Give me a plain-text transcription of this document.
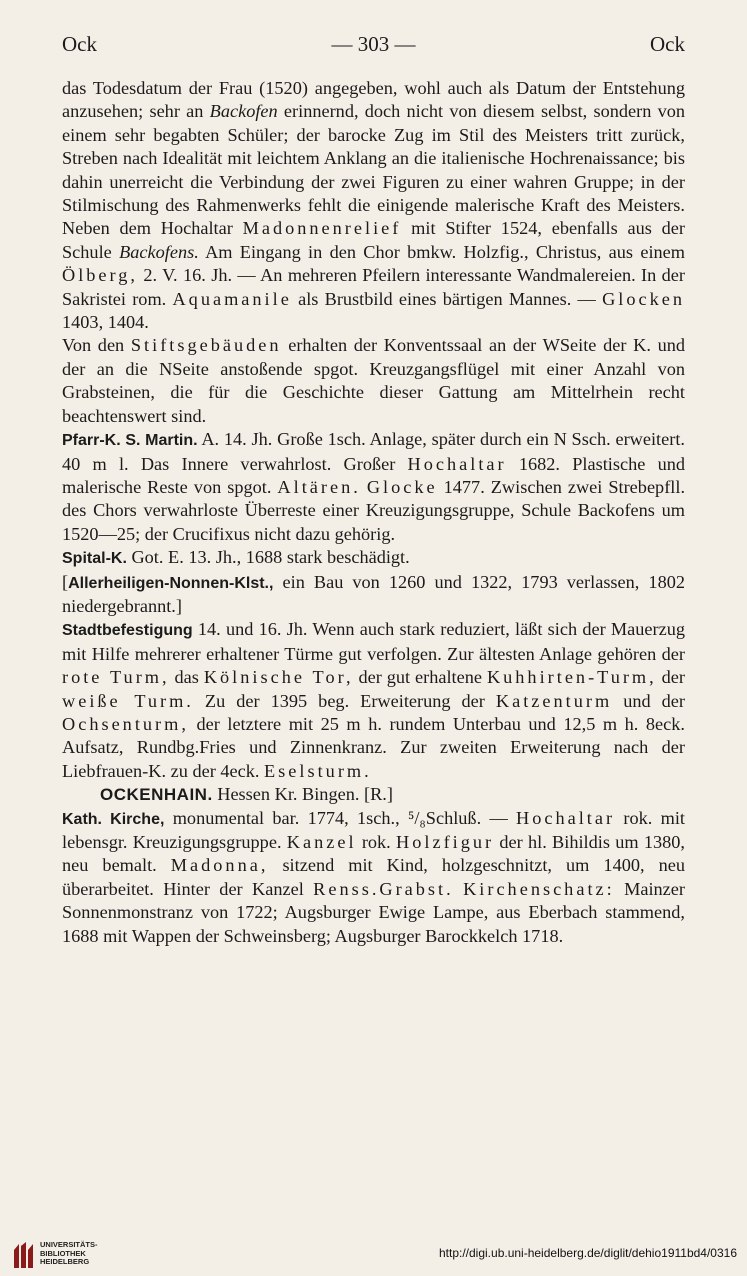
Ock	— 303 —	Ock

das Todesdatum der Frau (1520) angegeben, wohl auch als Datum der Entstehung anzusehen; sehr an Backofen erinnernd, doch nicht von diesem selbst, sondern von einem sehr begabten Schüler; der barocke Zug im Stil des Meisters tritt zurück, Streben nach Idealität mit leichtem Anklang an die italienische Hochrenaissance; bis dahin unerreicht die Verbindung der zwei Figuren zu einer wahren Gruppe; in der Stilmischung des Rahmenwerks fehlt die einigende malerische Kraft des Meisters. Neben dem Hochaltar Madonnenrelief mit Stifter 1524, ebenfalls aus der Schule Backofens. Am Eingang in den Chor bmkw. Holzfig., Christus, aus einem Ölberg, 2. V. 16. Jh. — An mehreren Pfeilern interessante Wandmalereien. In der Sakristei rom. Aquamanile als Brustbild eines bärtigen Mannes. — Glocken 1403, 1404.

Von den Stiftsgebäuden erhalten der Konventssaal an der WSeite der K. und der an die NSeite anstoßende spgot. Kreuzgangsflügel mit einer Anzahl von Grabsteinen, die für die Geschichte dieser Gattung am Mittelrhein recht beachtenswert sind.

Pfarr-K. S. Martin. A. 14. Jh. Große 1sch. Anlage, später durch ein N Ssch. erweitert. 40 m l. Das Innere verwahrlost. Großer Hochaltar 1682. Plastische und malerische Reste von spgot. Altären. Glocke 1477. Zwischen zwei Strebepfll. des Chors verwahrloste Überreste einer Kreuzigungsgruppe, Schule Backofens um 1520—25; der Crucifixus nicht dazu gehörig.

Spital-K. Got. E. 13. Jh., 1688 stark beschädigt.

[Allerheiligen-Nonnen-Klst., ein Bau von 1260 und 1322, 1793 verlassen, 1802 niedergebrannt.]

Stadtbefestigung 14. und 16. Jh. Wenn auch stark reduziert, läßt sich der Mauerzug mit Hilfe mehrerer erhaltener Türme gut verfolgen. Zur ältesten Anlage gehören der rote Turm, das Kölnische Tor, der gut erhaltene Kuhhirten-Turm, der weiße Turm. Zu der 1395 beg. Erweiterung der Katzenturm und der Ochsenturm, der letztere mit 25 m h. rundem Unterbau und 12,5 m h. 8eck. Aufsatz, Rundbg.Fries und Zinnenkranz. Zur zweiten Erweiterung nach der Liebfrauen-K. zu der 4eck. Eselsturm.

OCKENHAIN. Hessen Kr. Bingen. [R.]

Kath. Kirche, monumental bar. 1774, 1sch., ⁵/₈Schluß. — Hochaltar rok. mit lebensgr. Kreuzigungsgruppe. Kanzel rok. Holzfigur der hl. Bihildis um 1380, neu bemalt. Madonna, sitzend mit Kind, holzgeschnitzt, um 1400, neu überarbeitet. Hinter der Kanzel Renss.Grabst. Kirchenschatz: Mainzer Sonnenmonstranz von 1722; Augsburger Ewige Lampe, aus Eberbach stammend, 1688 mit Wappen der Schweinsberg; Augsburger Barockkelch 1718.

UNIVERSITÄTS-
BIBLIOTHEK
HEIDELBERG
http://digi.ub.uni-heidelberg.de/diglit/dehio1911bd4/0316
